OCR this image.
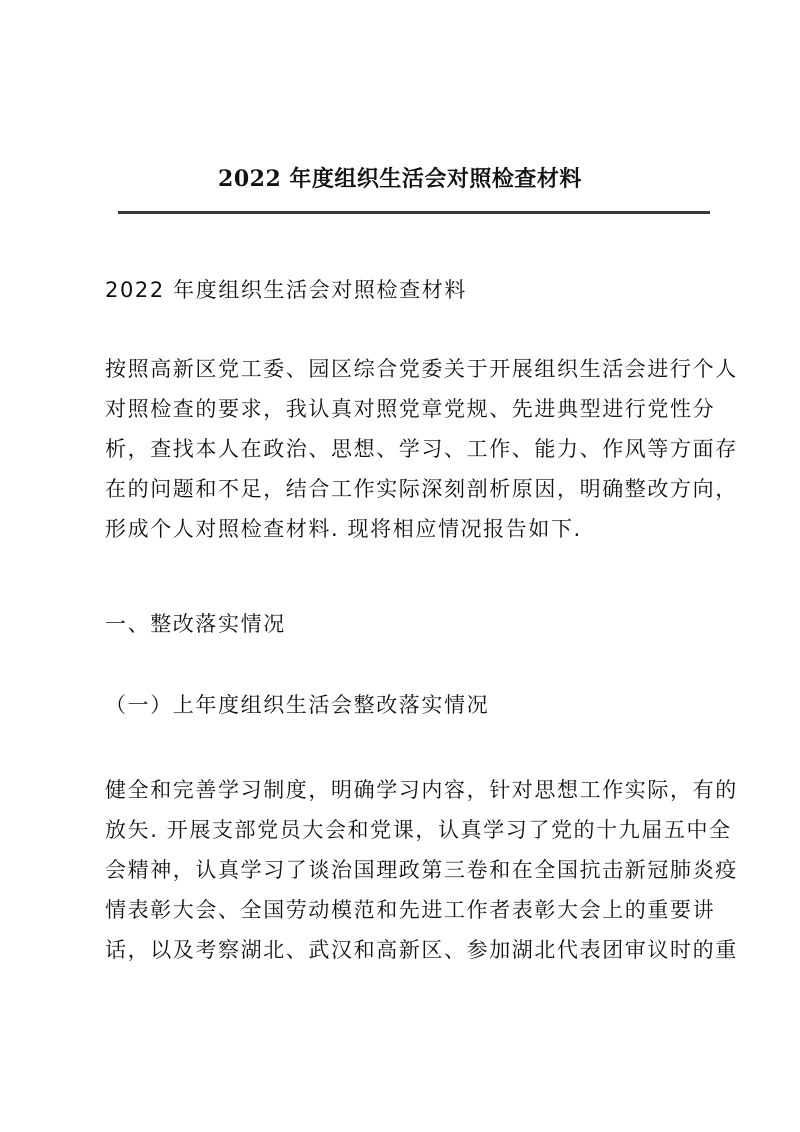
2022 年度组织生活会对照检查材料

2022 年度组织生活会对照检查材料

按照高新区党工委、园区综合党委关于开展组织生活会进行个人
对照检查的要求，我认真对照党章党规、先进典型进行党性分
析，查找本人在政治、思想、学习、工作、能力、作风等方面存
在的问题和不足，结合工作实际深刻剖析原因，明确整改方向，
形成个人对照检查材料. 现将相应情况报告如下.

一、整改落实情况

（一）上年度组织生活会整改落实情况

健全和完善学习制度，明确学习内容，针对思想工作实际，有的
放矢. 开展支部党员大会和党课，认真学习了党的十九届五中全
会精神，认真学习了谈治国理政第三卷和在全国抗击新冠肺炎疫
情表彰大会、全国劳动模范和先进工作者表彰大会上的重要讲
话，以及考察湖北、武汉和高新区、参加湖北代表团审议时的重
